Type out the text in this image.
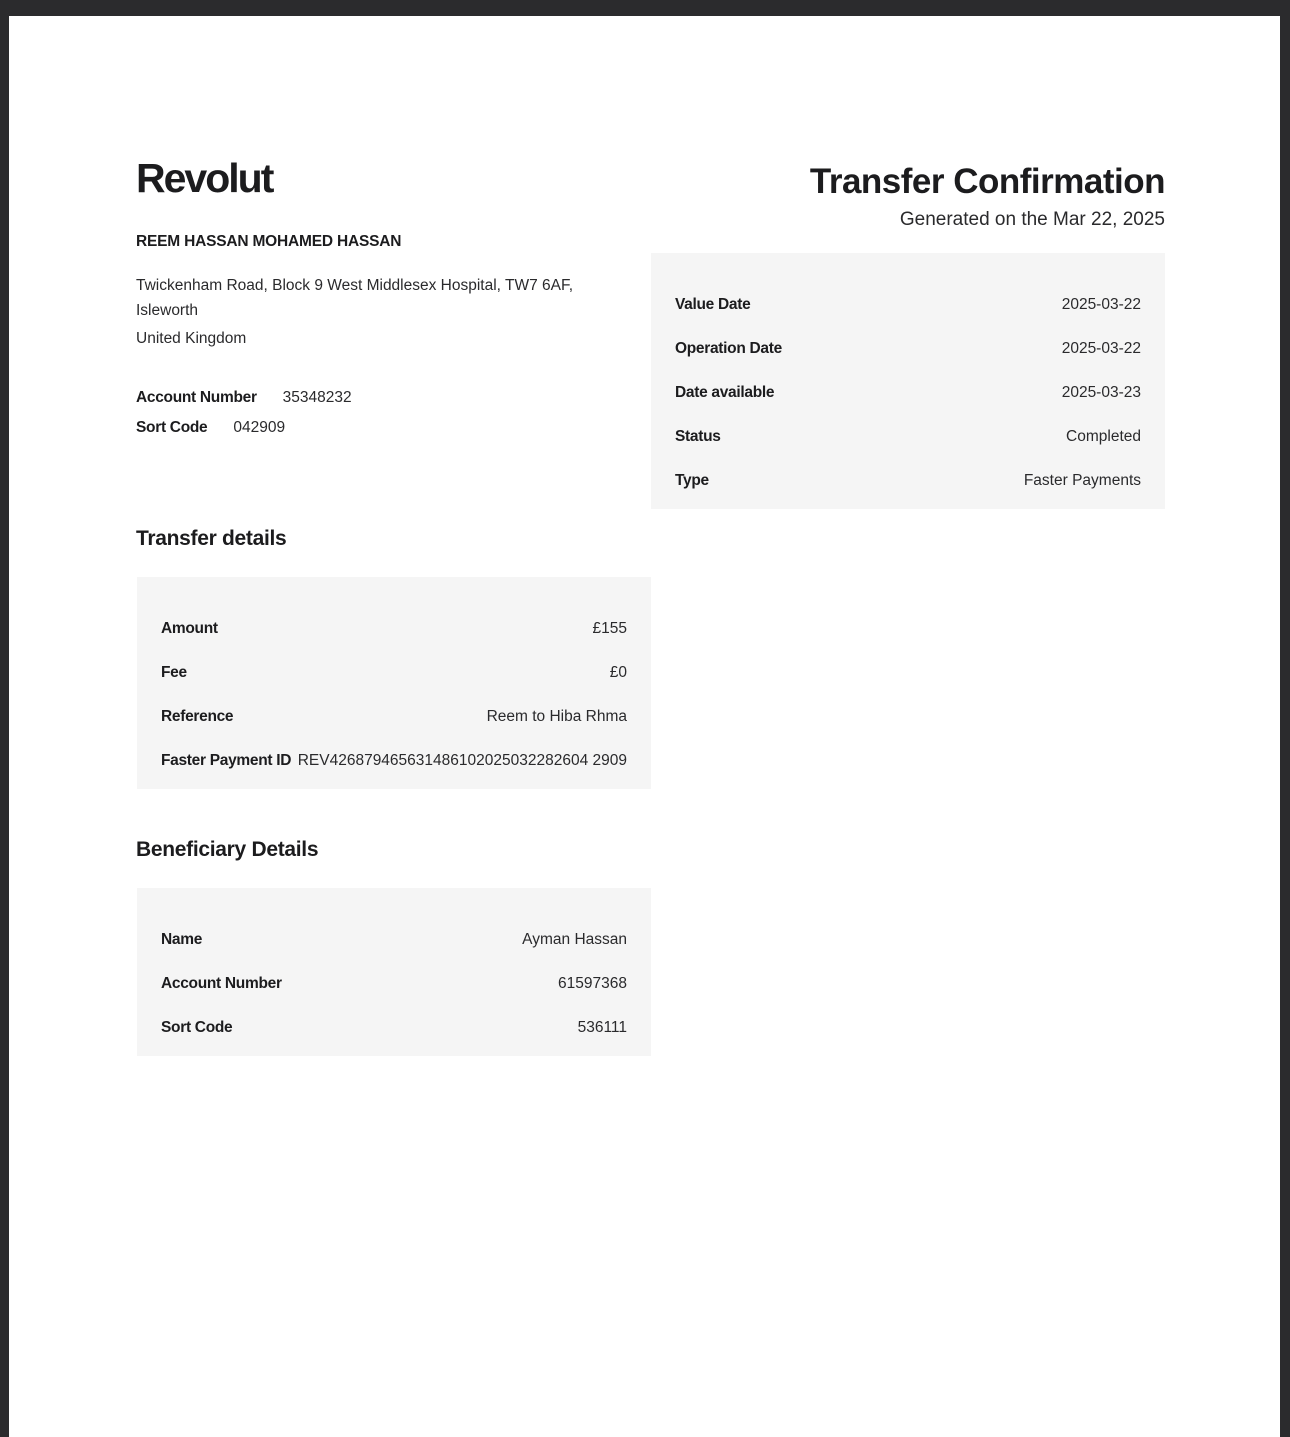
Revolut	Transfer Confirmation
Generated on the Mar 22, 2025
REEM HASSAN MOHAMED HASSAN
Twickenham Road, Block 9 West Middlesex Hospital, TW7 6AF, Isleworth
United Kingdom
Account Number 35348232
Sort Code 042909
Value Date	2025-03-22
Operation Date	2025-03-22
Date available	2025-03-23
Status	Completed
Type	Faster Payments
Transfer details
Amount	£155
Fee	£0
Reference	Reem to Hiba Rhma
Faster Payment ID REV426879465631486102025032282604 2909
Beneficiary Details
Name	Ayman Hassan
Account Number	61597368
Sort Code	536111
